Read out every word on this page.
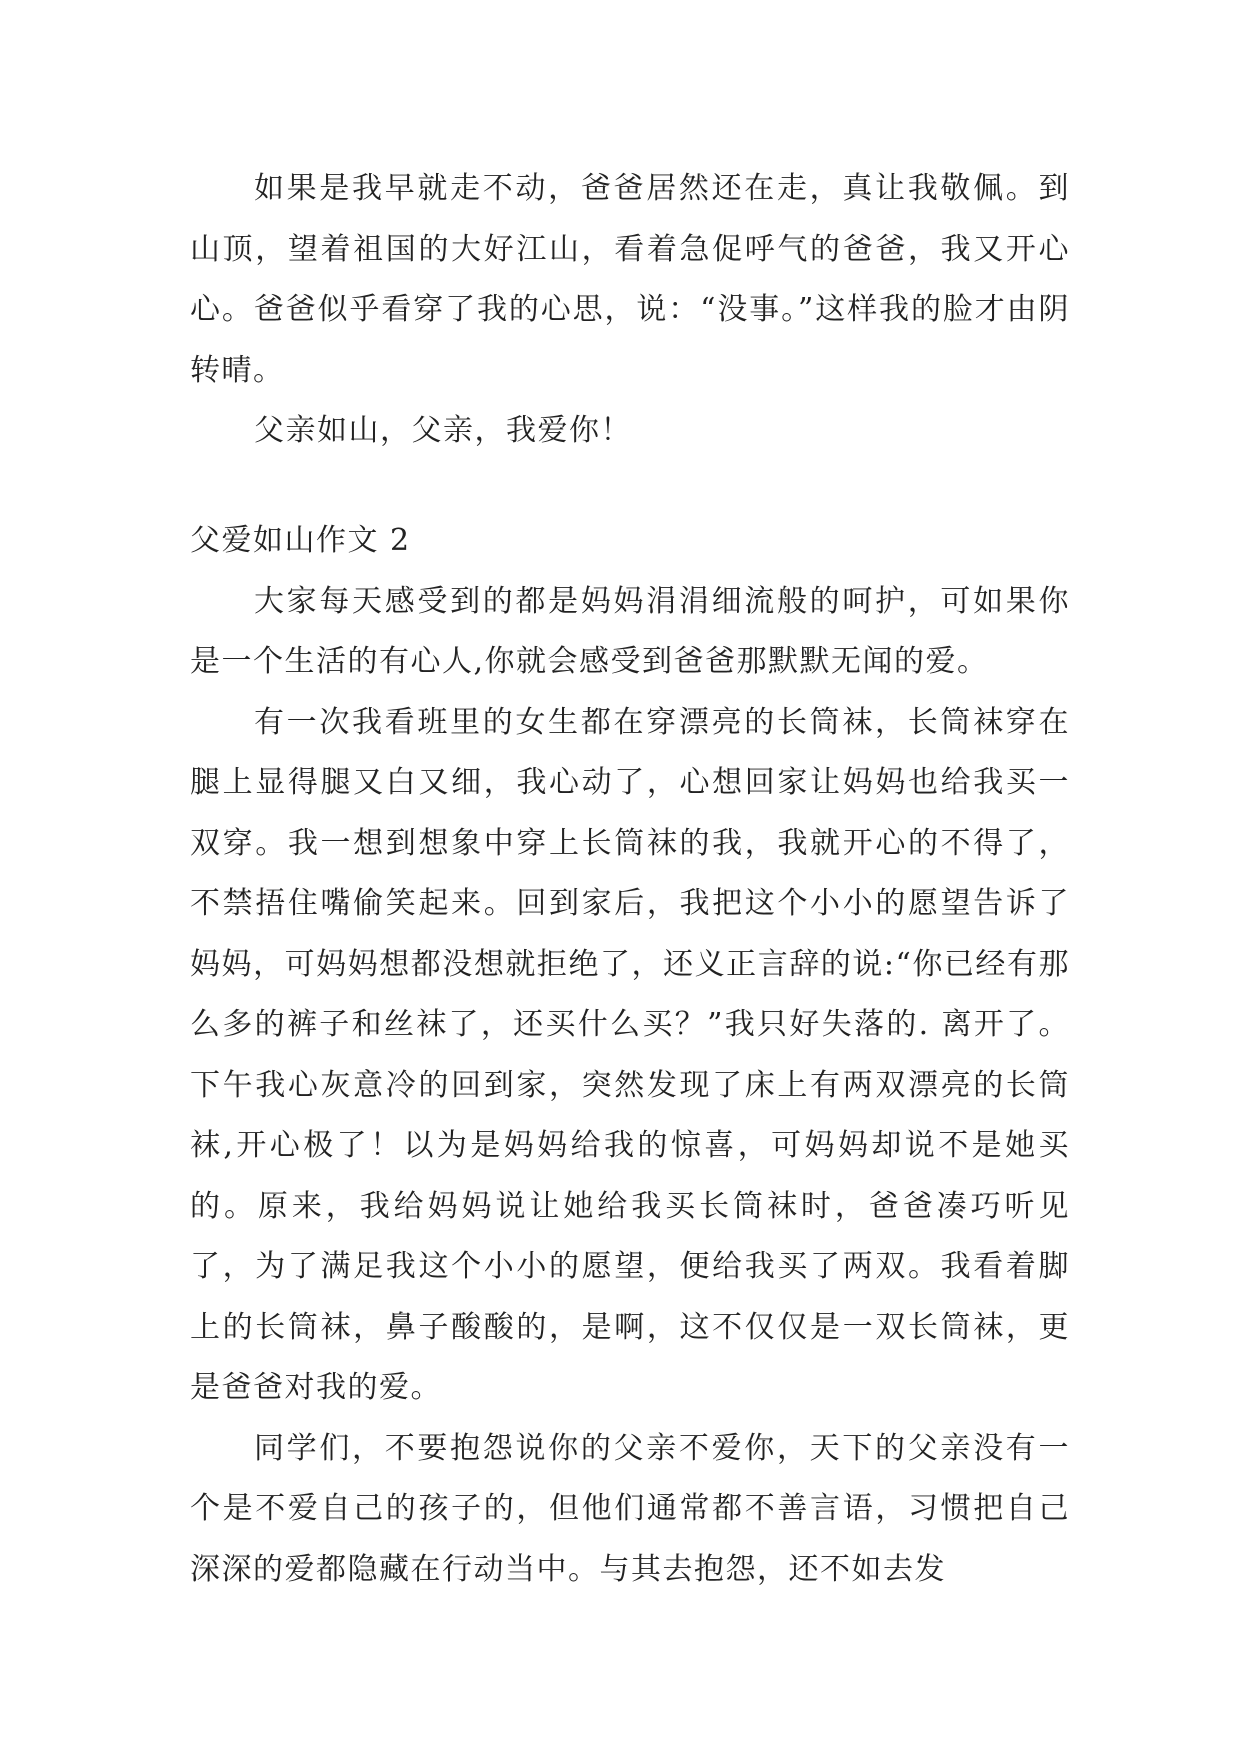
如果是我早就走不动，爸爸居然还在走，真让我敬佩。到山顶，望着祖国的大好江山，看着急促呼气的爸爸，我又开心心。爸爸似乎看穿了我的心思，说：“没事。”这样我的脸才由阴转晴。

父亲如山，父亲，我爱你！

父爱如山作文 2

大家每天感受到的都是妈妈涓涓细流般的呵护，可如果你是一个生活的有心人,你就会感受到爸爸那默默无闻的爱。

有一次我看班里的女生都在穿漂亮的长筒袜，长筒袜穿在腿上显得腿又白又细，我心动了，心想回家让妈妈也给我买一双穿。我一想到想象中穿上长筒袜的我，我就开心的不得了，不禁捂住嘴偷笑起来。回到家后，我把这个小小的愿望告诉了妈妈，可妈妈想都没想就拒绝了，还义正言辞的说:“你已经有那么多的裤子和丝袜了，还买什么买？”我只好失落的. 离开了。下午我心灰意冷的回到家，突然发现了床上有两双漂亮的长筒袜,开心极了！以为是妈妈给我的惊喜，可妈妈却说不是她买的。原来，我给妈妈说让她给我买长筒袜时，爸爸凑巧听见了，为了满足我这个小小的愿望，便给我买了两双。我看着脚上的长筒袜，鼻子酸酸的，是啊，这不仅仅是一双长筒袜，更是爸爸对我的爱。

同学们，不要抱怨说你的父亲不爱你，天下的父亲没有一个是不爱自己的孩子的，但他们通常都不善言语，习惯把自己深深的爱都隐藏在行动当中。与其去抱怨，还不如去发
